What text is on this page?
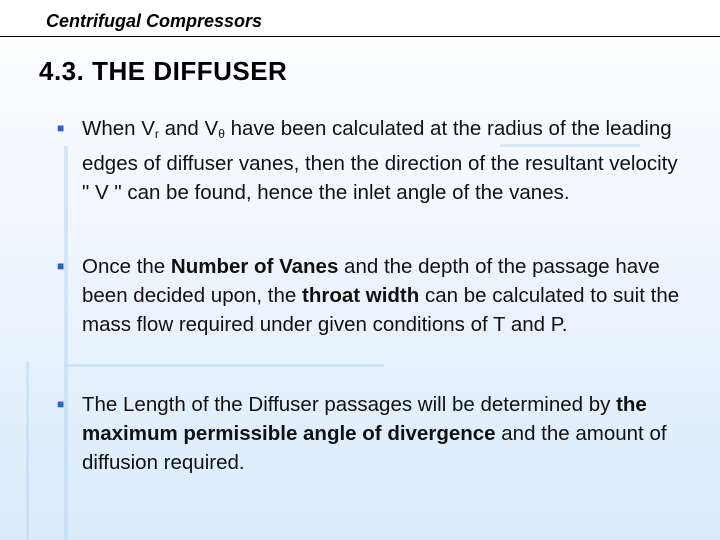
Centrifugal Compressors
4.3. THE DIFFUSER
■ When $V_r$ and $V_\theta$ have been calculated at the radius of the leading edges of diffuser vanes, then the direction of the resultant velocity " V " can be found, hence the inlet angle of the vanes.
■ Once the Number of Vanes and the depth of the passage have been decided upon, the throat width can be calculated to suit the mass flow required under given conditions of T and P.
■ The Length of the Diffuser passages will be determined by the maximum permissible angle of divergence and the amount of diffusion required.
